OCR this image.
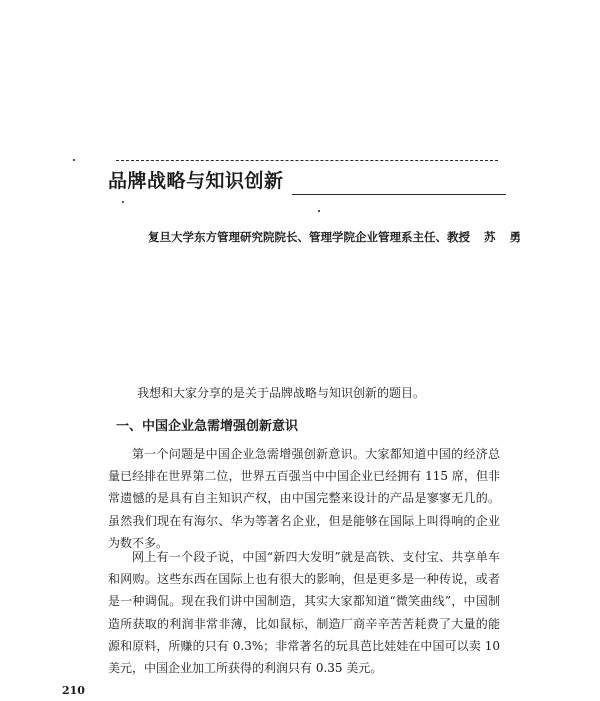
品牌战略与知识创新
复旦大学东方管理研究院院长、管理学院企业管理系主任、教授 苏勇
我想和大家分享的是关于品牌战略与知识创新的题目。
一、中国企业急需增强创新意识

第一个问题是中国企业急需增强创新意识。大家都知道中国的经济总量已经排在世界第二位，世界五百强当中中国企业已经拥有 115 席，但非常遗憾的是具有自主知识产权，由中国完整来设计的产品是寥寥无几的。虽然我们现在有海尔、华为等著名企业，但是能够在国际上叫得响的企业为数不多。

网上有一个段子说，中国“新四大发明”就是高铁、支付宝、共享单车和网购。这些东西在国际上也有很大的影响，但是更多是一种传说，或者是一种调侃。现在我们讲中国制造，其实大家都知道“微笑曲线”，中国制造所获取的利润非常非薄，比如鼠标，制造厂商辛辛苦苦耗费了大量的能源和原料，所赚的只有 0.3%；非常著名的玩具芭比娃娃在中国可以卖 10 美元，中国企业加工所获得的利润只有 0.35 美元。

210
